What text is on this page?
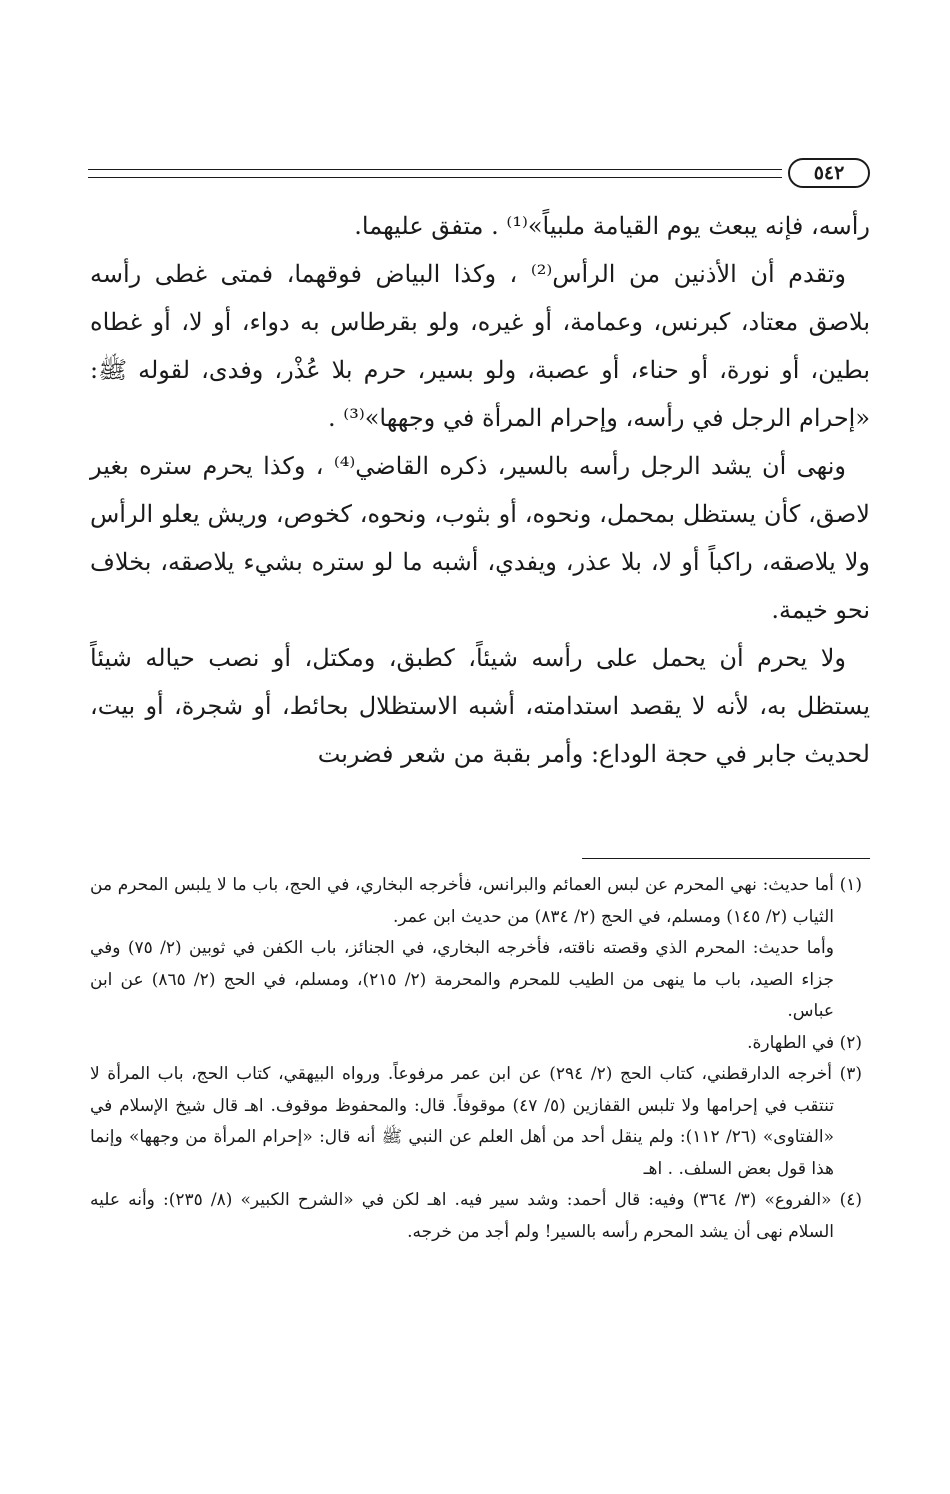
٥٤٢

رأسه، فإنه يبعث يوم القيامة ملبياً»⁽¹⁾ . متفق عليهما.

وتقدم أن الأذنين من الرأس⁽²⁾ ، وكذا البياض فوقهما، فمتى غطى رأسه بلاصق معتاد، كبرنس، وعمامة، أو غيره، ولو بقرطاس به دواء، أو لا، أو غطاه بطين، أو نورة، أو حناء، أو عصبة، ولو بسير، حرم بلا عُذْر، وفدى، لقوله ﷺ: «إحرام الرجل في رأسه، وإحرام المرأة في وجهها»⁽³⁾ .

ونهى أن يشد الرجل رأسه بالسير، ذكره القاضي⁽⁴⁾ ، وكذا يحرم ستره بغير لاصق، كأن يستظل بمحمل، ونحوه، أو بثوب، ونحوه، كخوص، وريش يعلو الرأس ولا يلاصقه، راكباً أو لا، بلا عذر، ويفدي، أشبه ما لو ستره بشيء يلاصقه، بخلاف نحو خيمة.

ولا يحرم أن يحمل على رأسه شيئاً، كطبق، ومكتل، أو نصب حياله شيئاً يستظل به، لأنه لا يقصد استدامته، أشبه الاستظلال بحائط، أو شجرة، أو بيت، لحديث جابر في حجة الوداع: وأمر بقبة من شعر فضربت

(١) أما حديث: نهي المحرم عن لبس العمائم والبرانس، فأخرجه البخاري، في الحج، باب ما لا يلبس المحرم من الثياب (٢/ ١٤٥) ومسلم، في الحج (٢/ ٨٣٤) من حديث ابن عمر.

وأما حديث: المحرم الذي وقصته ناقته، فأخرجه البخاري، في الجنائز، باب الكفن في ثوبين (٢/ ٧٥) وفي جزاء الصيد، باب ما ينهى من الطيب للمحرم والمحرمة (٢/ ٢١٥)، ومسلم، في الحج (٢/ ٨٦٥) عن ابن عباس.

(٢) في الطهارة.

(٣) أخرجه الدارقطني، كتاب الحج (٢/ ٢٩٤) عن ابن عمر مرفوعاً. ورواه البيهقي، كتاب الحج، باب المرأة لا تنتقب في إحرامها ولا تلبس القفازين (٥/ ٤٧) موقوفاً. قال: والمحفوظ موقوف. اهـ قال شيخ الإسلام في «الفتاوى» (٢٦/ ١١٢): ولم ينقل أحد من أهل العلم عن النبي ﷺ أنه قال: «إحرام المرأة من وجهها» وإنما هذا قول بعض السلف. . اهـ

(٤) «الفروع» (٣/ ٣٦٤) وفيه: قال أحمد: وشد سير فيه. اهـ لكن في «الشرح الكبير» (٨/ ٢٣٥): وأنه عليه السلام نهى أن يشد المحرم رأسه بالسير! ولم أجد من خرجه.
